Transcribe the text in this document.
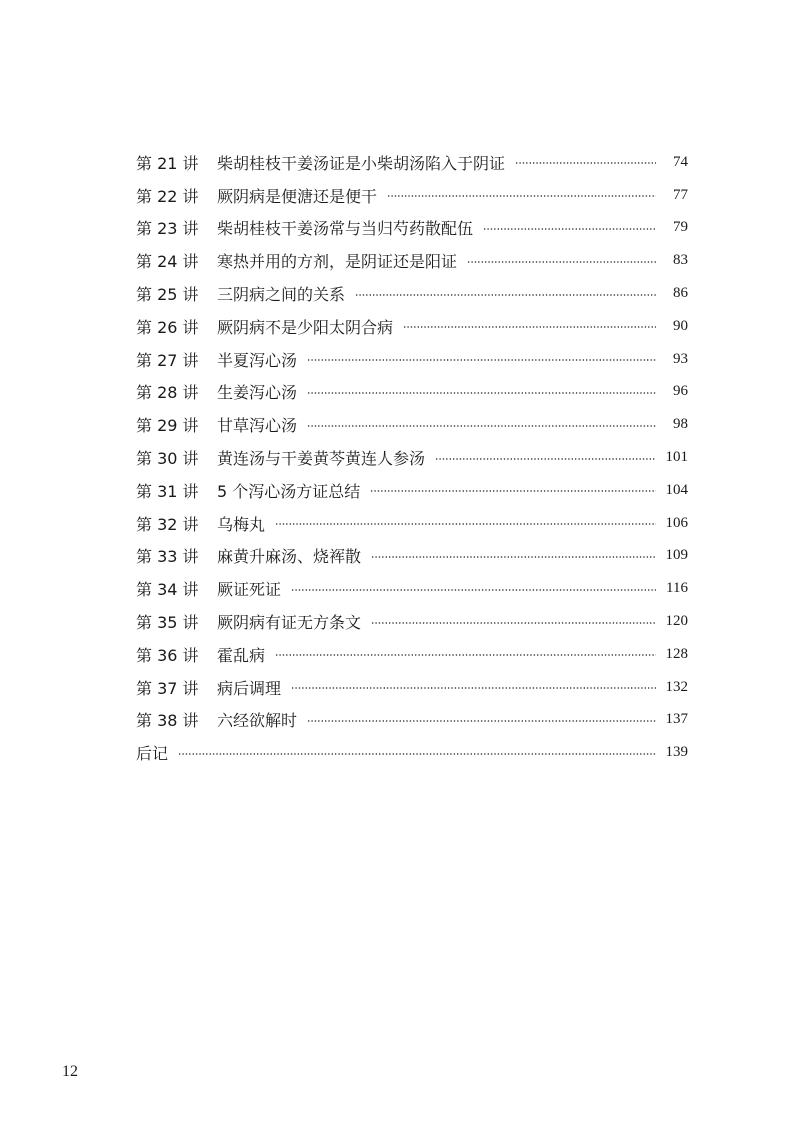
第 21 讲	柴胡桂枝干姜汤证是小柴胡汤陷入于阴证	74
第 22 讲	厥阴病是便溏还是便干	77
第 23 讲	柴胡桂枝干姜汤常与当归芍药散配伍	79
第 24 讲	寒热并用的方剂，是阴证还是阳证	83
第 25 讲	三阴病之间的关系	86
第 26 讲	厥阴病不是少阳太阴合病	90
第 27 讲	半夏泻心汤	93
第 28 讲	生姜泻心汤	96
第 29 讲	甘草泻心汤	98
第 30 讲	黄连汤与干姜黄芩黄连人参汤	101
第 31 讲	5 个泻心汤方证总结	104
第 32 讲	乌梅丸	106
第 33 讲	麻黄升麻汤、烧裈散	109
第 34 讲	厥证死证	116
第 35 讲	厥阴病有证无方条文	120
第 36 讲	霍乱病	128
第 37 讲	病后调理	132
第 38 讲	六经欲解时	137
后记	139
12
